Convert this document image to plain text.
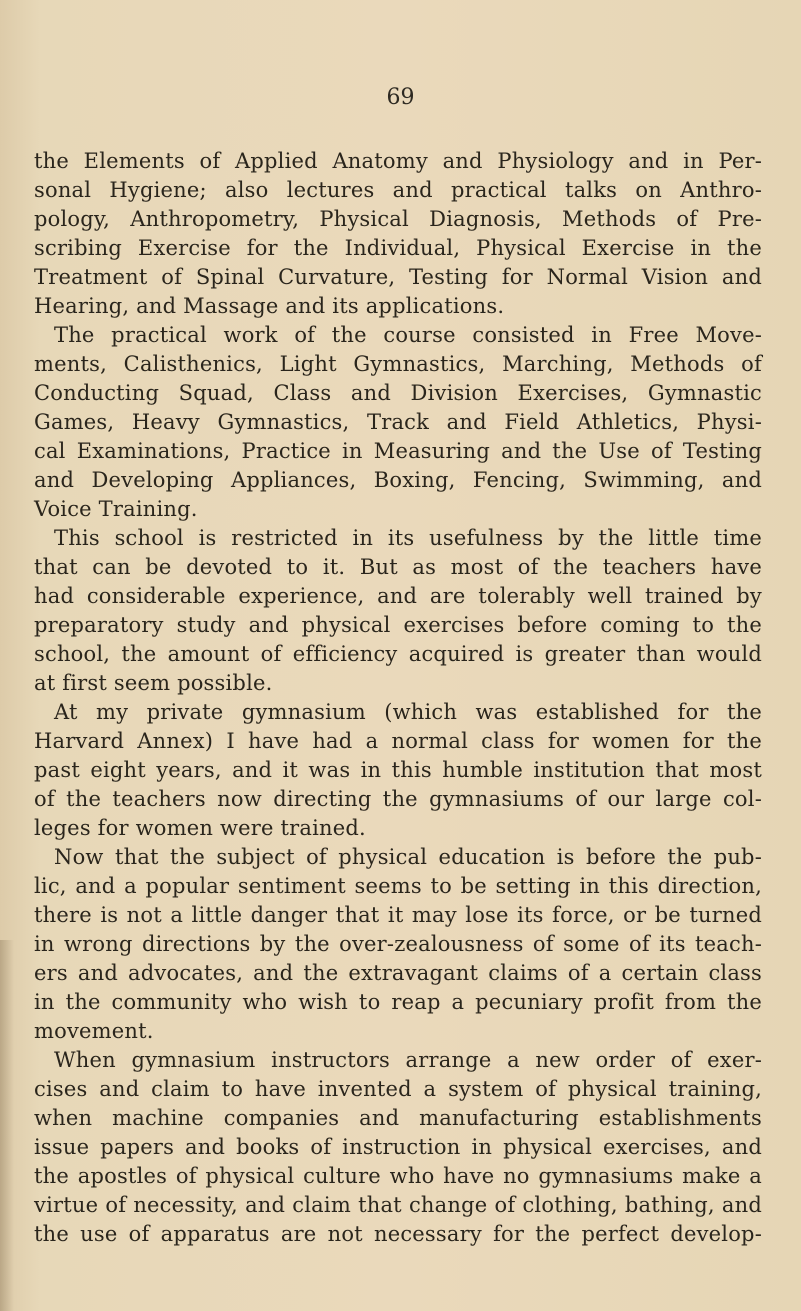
69
the Elements of Applied Anatomy and Physiology and in Per-
sonal Hygiene; also lectures and practical talks on Anthro-
pology, Anthropometry, Physical Diagnosis, Methods of Pre-
scribing Exercise for the Individual, Physical Exercise in the
Treatment of Spinal Curvature, Testing for Normal Vision and
Hearing, and Massage and its applications.
The practical work of the course consisted in Free Move-
ments, Calisthenics, Light Gymnastics, Marching, Methods of
Conducting Squad, Class and Division Exercises, Gymnastic
Games, Heavy Gymnastics, Track and Field Athletics, Physi-
cal Examinations, Practice in Measuring and the Use of Testing
and Developing Appliances, Boxing, Fencing, Swimming, and
Voice Training.
This school is restricted in its usefulness by the little time
that can be devoted to it. But as most of the teachers have
had considerable experience, and are tolerably well trained by
preparatory study and physical exercises before coming to the
school, the amount of efficiency acquired is greater than would
at first seem possible.
At my private gymnasium (which was established for the
Harvard Annex) I have had a normal class for women for the
past eight years, and it was in this humble institution that most
of the teachers now directing the gymnasiums of our large col-
leges for women were trained.
Now that the subject of physical education is before the pub-
lic, and a popular sentiment seems to be setting in this direction,
there is not a little danger that it may lose its force, or be turned
in wrong directions by the over-zealousness of some of its teach-
ers and advocates, and the extravagant claims of a certain class
in the community who wish to reap a pecuniary profit from the
movement.
When gymnasium instructors arrange a new order of exer-
cises and claim to have invented a system of physical training,
when machine companies and manufacturing establishments
issue papers and books of instruction in physical exercises, and
the apostles of physical culture who have no gymnasiums make a
virtue of necessity, and claim that change of clothing, bathing, and
the use of apparatus are not necessary for the perfect develop-
